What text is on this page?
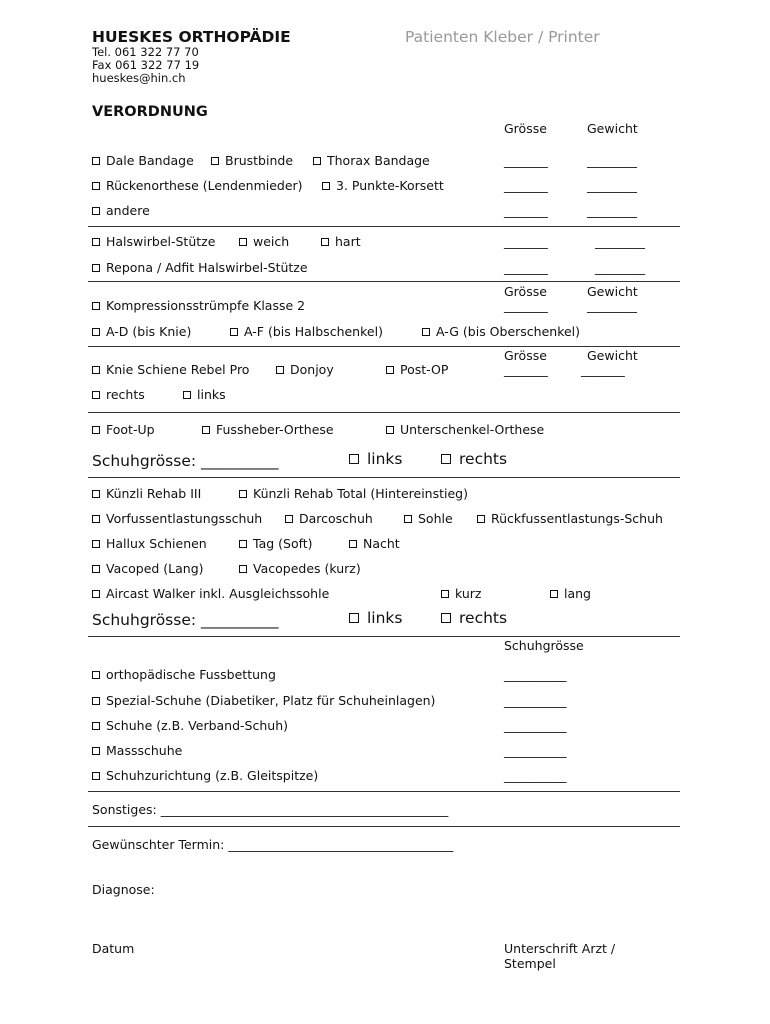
HUESKES ORTHOPÄDIE
Tel. 061 322 77 70
Fax 061 322 77 19
hueskes@hin.ch
Patienten Kleber / Printer
VERORDNUNG
Grösse	Gewicht
Dale Bandage Brustbinde	Thorax Bandage	_______	________
Rückenorthese (Lendenmieder)	3. Punkte-Korsett	_______	________
andere	_______	________
Halswirbel-Stütze	weich	hart	_______	________
Repona / Adfit Halswirbel-Stütze	_______	________
Grösse	Gewicht
Kompressionsstrümpfe Klasse 2	_______	________
A-D (bis Knie)	A-F (bis Halbschenkel)	A-G (bis Oberschenkel)
Grösse	Gewicht
Knie Schiene Rebel Pro	Donjoy	Post-OP	_______	_______
rechts	links
Foot-Up	Fussheber-Orthese	Unterschenkel-Orthese
Schuhgrösse: __________	links	rechts
Künzli Rehab III	Künzli Rehab Total (Hintereinstieg)
Vorfussentlastungsschuh	Darcoschuh	Sohle	Rückfussentlastungs-Schuh
Hallux Schienen	Tag (Soft)	Nacht
Vacoped (Lang)	Vacopedes (kurz)
Aircast Walker inkl. Ausgleichssohle	kurz	lang
Schuhgrösse: __________	links	rechts
Schuhgrösse
orthopädische Fussbettung	__________
Spezial-Schuhe (Diabetiker, Platz für Schuheinlagen)	__________
Schuhe (z.B. Verband-Schuh)	__________
Massschuhe	__________
Schuhzurichtung (z.B. Gleitspitze)	__________
Sonstiges: ______________________________________________
Gewünschter Termin: ____________________________________
Diagnose:
Datum	Unterschrift Arzt /
Stempel
